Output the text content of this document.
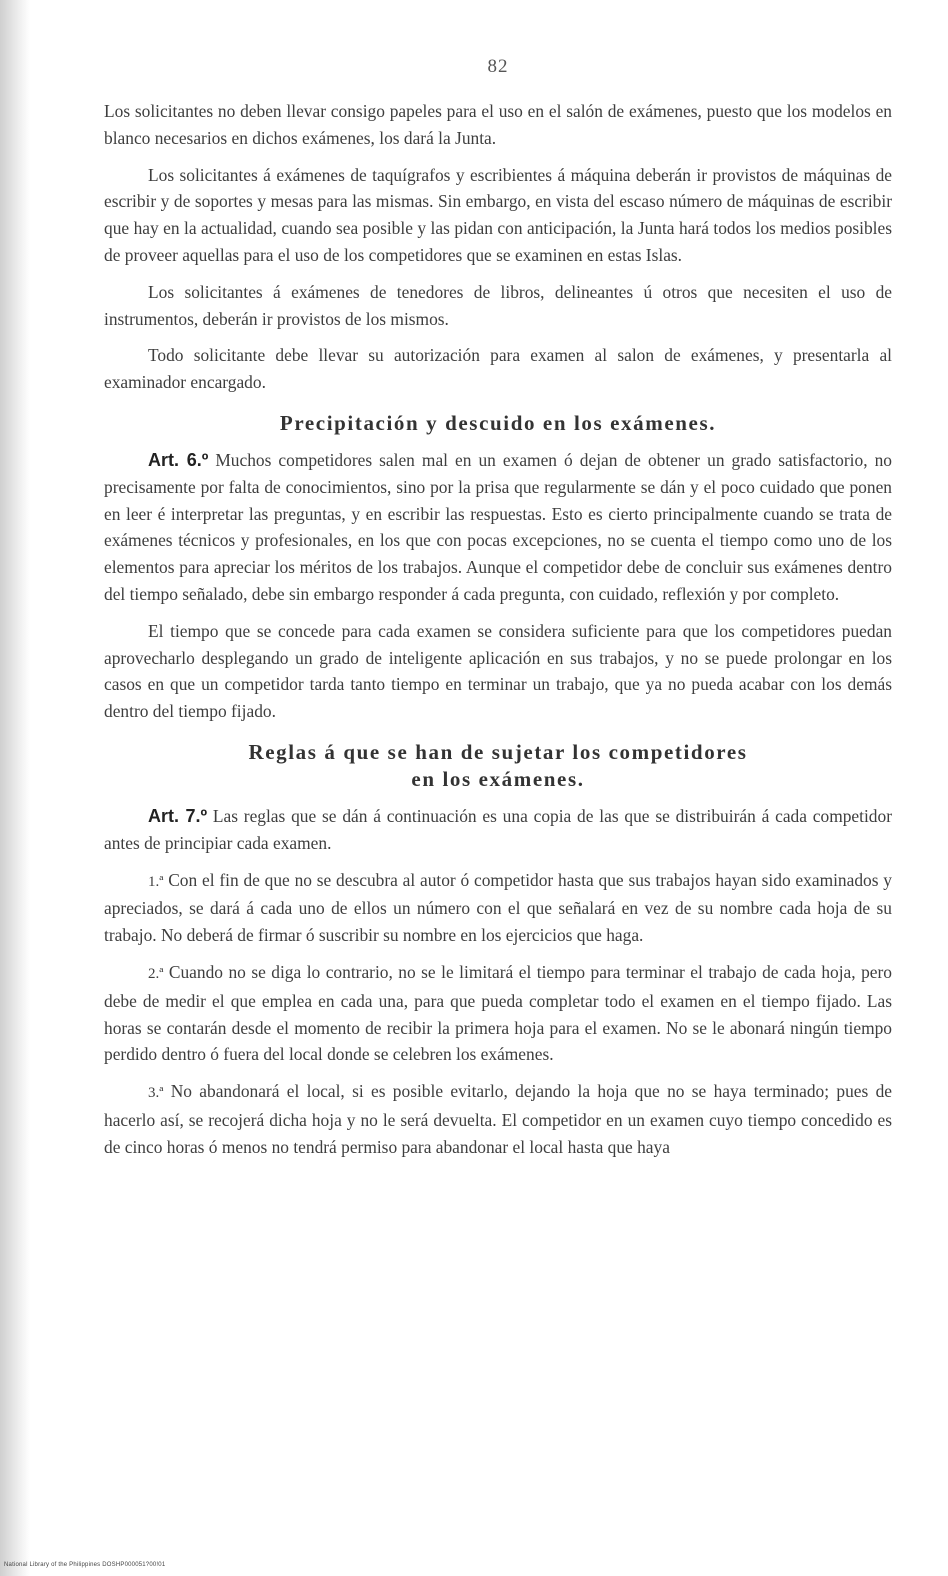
82

Los solicitantes no deben llevar consigo papeles para el uso en el salón de exámenes, puesto que los modelos en blanco necesarios en dichos exámenes, los dará la Junta.

Los solicitantes á exámenes de taquígrafos y escribientes á máquina deberán ir provistos de máquinas de escribir y de soportes y mesas para las mismas. Sin embargo, en vista del escaso número de máquinas de escribir que hay en la actualidad, cuando sea posible y las pidan con anticipación, la Junta hará todos los medios posibles de proveer aquellas para el uso de los competidores que se examinen en estas Islas.

Los solicitantes á exámenes de tenedores de libros, delineantes ú otros que necesiten el uso de instrumentos, deberán ir provistos de los mismos.

Todo solicitante debe llevar su autorización para examen al salon de exámenes, y presentarla al examinador encargado.

Precipitación y descuido en los exámenes.

Art. 6.º Muchos competidores salen mal en un examen ó dejan de obtener un grado satisfactorio, no precisamente por falta de conocimientos, sino por la prisa que regularmente se dán y el poco cuidado que ponen en leer é interpretar las preguntas, y en escribir las respuestas. Esto es cierto principalmente cuando se trata de exámenes técnicos y profesionales, en los que con pocas excepciones, no se cuenta el tiempo como uno de los elementos para apreciar los méritos de los trabajos. Aunque el competidor debe de concluir sus exámenes dentro del tiempo señalado, debe sin embargo responder á cada pregunta, con cuidado, reflexión y por completo.

El tiempo que se concede para cada examen se considera suficiente para que los competidores puedan aprovecharlo desplegando un grado de inteligente aplicación en sus trabajos, y no se puede prolongar en los casos en que un competidor tarda tanto tiempo en terminar un trabajo, que ya no pueda acabar con los demás dentro del tiempo fijado.

Reglas á que se han de sujetar los competidores
en los exámenes.

Art. 7.º Las reglas que se dán á continuación es una copia de las que se distribuirán á cada competidor antes de principiar cada examen.

1.ª Con el fin de que no se descubra al autor ó competidor hasta que sus trabajos hayan sido examinados y apreciados, se dará á cada uno de ellos un número con el que señalará en vez de su nombre cada hoja de su trabajo. No deberá de firmar ó suscribir su nombre en los ejercicios que haga.

2.ª Cuando no se diga lo contrario, no se le limitará el tiempo para terminar el trabajo de cada hoja, pero debe de medir el que emplea en cada una, para que pueda completar todo el examen en el tiempo fijado. Las horas se contarán desde el momento de recibir la primera hoja para el examen. No se le abonará ningún tiempo perdido dentro ó fuera del local donde se celebren los exámenes.

3.ª No abandonará el local, si es posible evitarlo, dejando la hoja que no se haya terminado; pues de hacerlo así, se recojerá dicha hoja y no le será devuelta. El competidor en un examen cuyo tiempo concedido es de cinco horas ó menos no tendrá permiso para abandonar el local hasta que haya

National Library of the Philippines DOSHP000051?00!01
